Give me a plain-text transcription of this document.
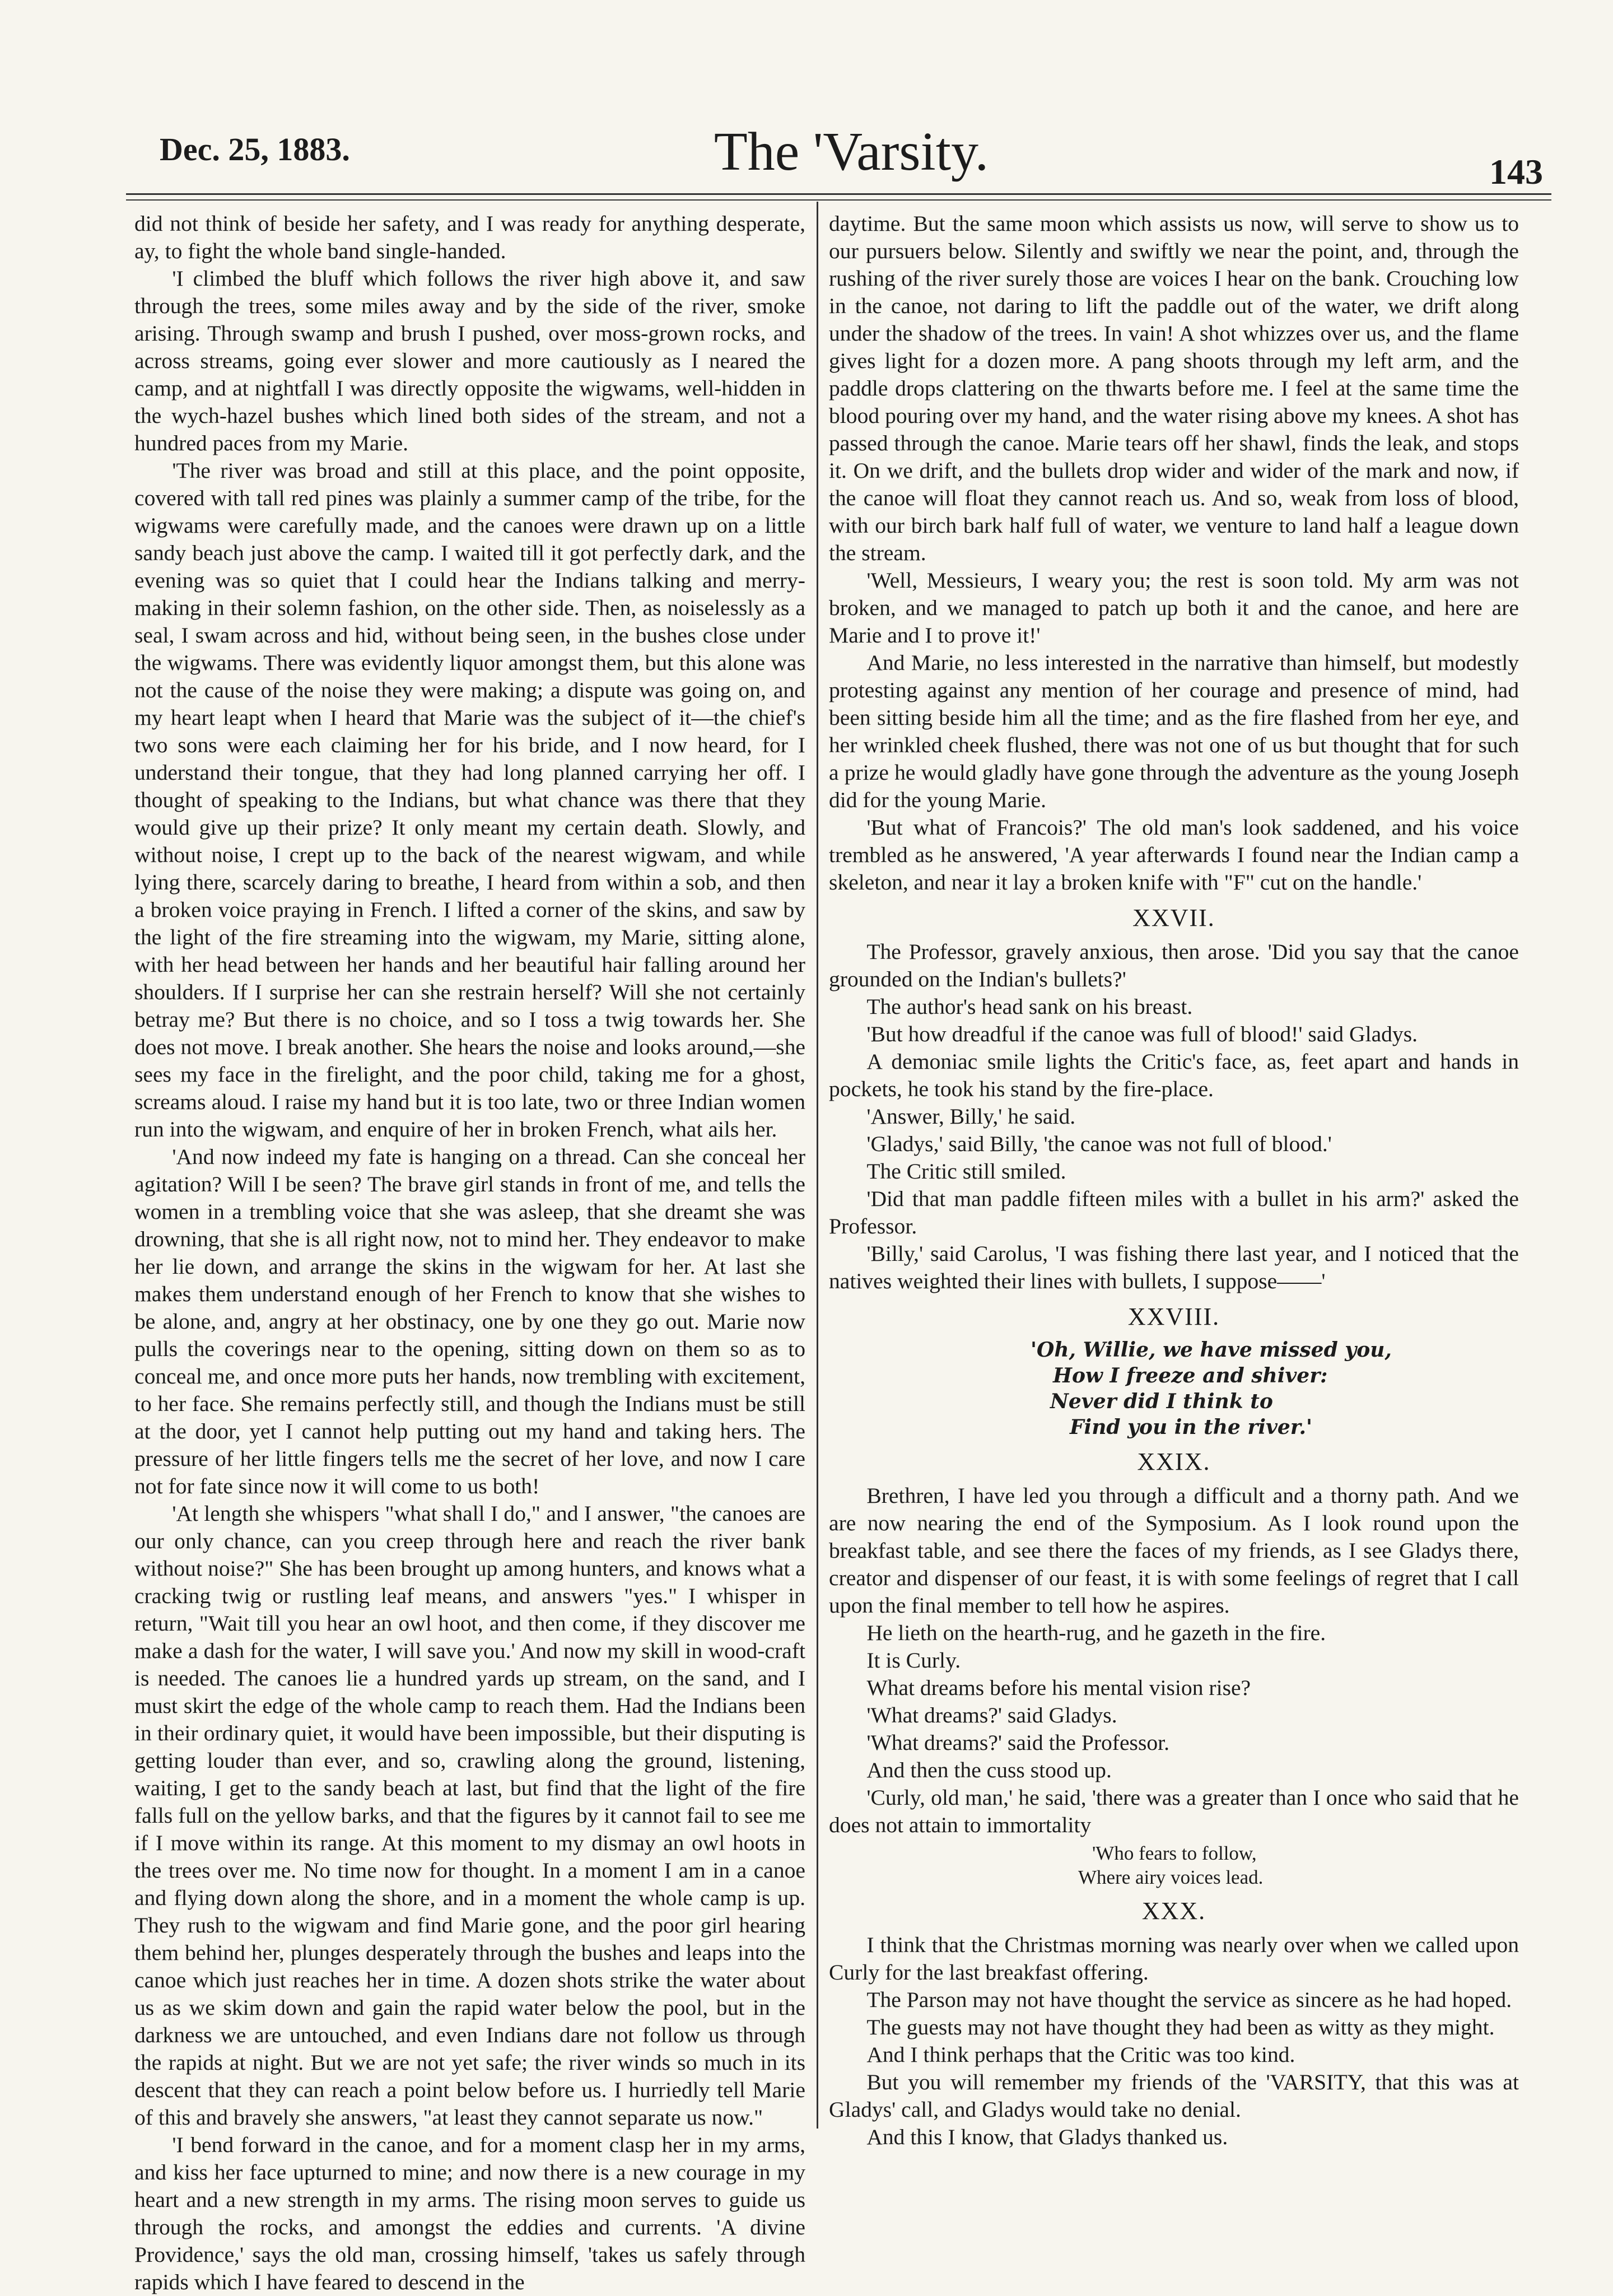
Dec. 25, 1883.	The 'Varsity.	143

did not think of beside her safety, and I was ready for anything desperate, ay, to fight the whole band single-handed.

'I climbed the bluff which follows the river high above it, and saw through the trees, some miles away and by the side of the river, smoke arising. Through swamp and brush I pushed, over moss-grown rocks, and across streams, going ever slower and more cautiously as I neared the camp, and at nightfall I was directly opposite the wigwams, well-hidden in the wych-hazel bushes which lined both sides of the stream, and not a hundred paces from my Marie.

'The river was broad and still at this place, and the point opposite, covered with tall red pines was plainly a summer camp of the tribe, for the wigwams were carefully made, and the canoes were drawn up on a little sandy beach just above the camp. I waited till it got perfectly dark, and the evening was so quiet that I could hear the Indians talking and merry-making in their solemn fashion, on the other side. Then, as noiselessly as a seal, I swam across and hid, without being seen, in the bushes close under the wigwams. There was evidently liquor amongst them, but this alone was not the cause of the noise they were making; a dispute was going on, and my heart leapt when I heard that Marie was the subject of it—the chief's two sons were each claiming her for his bride, and I now heard, for I understand their tongue, that they had long planned carrying her off. I thought of speaking to the Indians, but what chance was there that they would give up their prize? It only meant my certain death. Slowly, and without noise, I crept up to the back of the nearest wigwam, and while lying there, scarcely daring to breathe, I heard from within a sob, and then a broken voice praying in French. I lifted a corner of the skins, and saw by the light of the fire streaming into the wigwam, my Marie, sitting alone, with her head between her hands and her beautiful hair falling around her shoulders. If I surprise her can she restrain herself? Will she not certainly betray me? But there is no choice, and so I toss a twig towards her. She does not move. I break another. She hears the noise and looks around,—she sees my face in the firelight, and the poor child, taking me for a ghost, screams aloud. I raise my hand but it is too late, two or three Indian women run into the wigwam, and enquire of her in broken French, what ails her.

'And now indeed my fate is hanging on a thread. Can she conceal her agitation? Will I be seen? The brave girl stands in front of me, and tells the women in a trembling voice that she was asleep, that she dreamt she was drowning, that she is all right now, not to mind her. They endeavor to make her lie down, and arrange the skins in the wigwam for her. At last she makes them understand enough of her French to know that she wishes to be alone, and, angry at her obstinacy, one by one they go out. Marie now pulls the coverings near to the opening, sitting down on them so as to conceal me, and once more puts her hands, now trembling with excitement, to her face. She remains perfectly still, and though the Indians must be still at the door, yet I cannot help putting out my hand and taking hers. The pressure of her little fingers tells me the secret of her love, and now I care not for fate since now it will come to us both!

'At length she whispers "what shall I do," and I answer, "the canoes are our only chance, can you creep through here and reach the river bank without noise?" She has been brought up among hunters, and knows what a cracking twig or rustling leaf means, and answers "yes." I whisper in return, "Wait till you hear an owl hoot, and then come, if they discover me make a dash for the water, I will save you.' And now my skill in wood-craft is needed. The canoes lie a hundred yards up stream, on the sand, and I must skirt the edge of the whole camp to reach them. Had the Indians been in their ordinary quiet, it would have been impossible, but their disputing is getting louder than ever, and so, crawling along the ground, listening, waiting, I get to the sandy beach at last, but find that the light of the fire falls full on the yellow barks, and that the figures by it cannot fail to see me if I move within its range. At this moment to my dismay an owl hoots in the trees over me. No time now for thought. In a moment I am in a canoe and flying down along the shore, and in a moment the whole camp is up. They rush to the wigwam and find Marie gone, and the poor girl hearing them behind her, plunges desperately through the bushes and leaps into the canoe which just reaches her in time. A dozen shots strike the water about us as we skim down and gain the rapid water below the pool, but in the darkness we are untouched, and even Indians dare not follow us through the rapids at night. But we are not yet safe; the river winds so much in its descent that they can reach a point below before us. I hurriedly tell Marie of this and bravely she answers, "at least they cannot separate us now."

'I bend forward in the canoe, and for a moment clasp her in my arms, and kiss her face upturned to mine; and now there is a new courage in my heart and a new strength in my arms. The rising moon serves to guide us through the rocks, and amongst the eddies and currents. 'A divine Providence,' says the old man, crossing himself, 'takes us safely through rapids which I have feared to descend in the

daytime. But the same moon which assists us now, will serve to show us to our pursuers below. Silently and swiftly we near the point, and, through the rushing of the river surely those are voices I hear on the bank. Crouching low in the canoe, not daring to lift the paddle out of the water, we drift along under the shadow of the trees. In vain! A shot whizzes over us, and the flame gives light for a dozen more. A pang shoots through my left arm, and the paddle drops clattering on the thwarts before me. I feel at the same time the blood pouring over my hand, and the water rising above my knees. A shot has passed through the canoe. Marie tears off her shawl, finds the leak, and stops it. On we drift, and the bullets drop wider and wider of the mark and now, if the canoe will float they cannot reach us. And so, weak from loss of blood, with our birch bark half full of water, we venture to land half a league down the stream.

'Well, Messieurs, I weary you; the rest is soon told. My arm was not broken, and we managed to patch up both it and the canoe, and here are Marie and I to prove it!'

And Marie, no less interested in the narrative than himself, but modestly protesting against any mention of her courage and presence of mind, had been sitting beside him all the time; and as the fire flashed from her eye, and her wrinkled cheek flushed, there was not one of us but thought that for such a prize he would gladly have gone through the adventure as the young Joseph did for the young Marie.

'But what of Francois?' The old man's look saddened, and his voice trembled as he answered, 'A year afterwards I found near the Indian camp a skeleton, and near it lay a broken knife with "F" cut on the handle.'

XXVII.

The Professor, gravely anxious, then arose. 'Did you say that the canoe grounded on the Indian's bullets?'

The author's head sank on his breast.

'But how dreadful if the canoe was full of blood!' said Gladys.

A demoniac smile lights the Critic's face, as, feet apart and hands in pockets, he took his stand by the fire-place.

'Answer, Billy,' he said.

'Gladys,' said Billy, 'the canoe was not full of blood.'

The Critic still smiled.

'Did that man paddle fifteen miles with a bullet in his arm?' asked the Professor.

'Billy,' said Carolus, 'I was fishing there last year, and I noticed that the natives weighted their lines with bullets, I suppose——'

XXVIII.
'Oh, Willie, we have missed you,
How I freeze and shiver:
Never did I think to
Find you in the river.'
XXIX.

Brethren, I have led you through a difficult and a thorny path. And we are now nearing the end of the Symposium. As I look round upon the breakfast table, and see there the faces of my friends, as I see Gladys there, creator and dispenser of our feast, it is with some feelings of regret that I call upon the final member to tell how he aspires.

He lieth on the hearth-rug, and he gazeth in the fire.

It is Curly.

What dreams before his mental vision rise?

'What dreams?' said Gladys.

'What dreams?' said the Professor.

And then the cuss stood up.

'Curly, old man,' he said, 'there was a greater than I once who said that he does not attain to immortality

'Who fears to follow,
Where airy voices lead.
XXX.

I think that the Christmas morning was nearly over when we called upon Curly for the last breakfast offering.

The Parson may not have thought the service as sincere as he had hoped.

The guests may not have thought they had been as witty as they might.

And I think perhaps that the Critic was too kind.

But you will remember my friends of the 'VARSITY, that this was at Gladys' call, and Gladys would take no denial.

And this I know, that Gladys thanked us.
